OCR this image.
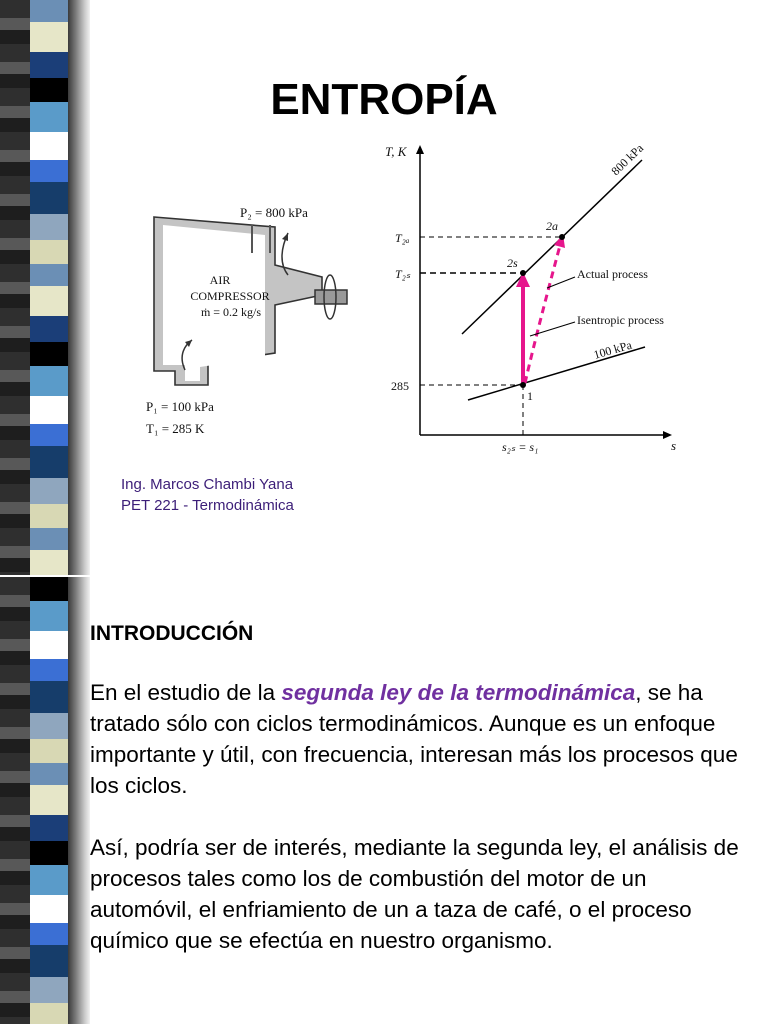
ENTROPÍA
P₂ = 800 kPa
AIR
COMPRESSOR
ṁ = 0.2 kg/s
P₁ = 100 kPa
T₁ = 285 K
T, K
s
T₂ₐ
T₂ₛ
285
s₂ₛ = s₁
800 kPa
100 kPa
2a
2s
1
Actual process
Isentropic process
Ing. Marcos Chambi Yana
PET 221 - Termodinámica
INTRODUCCIÓN

En el estudio de la segunda ley de la termodinámica, se ha tratado sólo con ciclos termodinámicos. Aunque es un enfoque importante y útil, con frecuencia, interesan más los procesos que los ciclos.

Así, podría ser de interés, mediante la segunda ley, el análisis de procesos tales como los de combustión del motor de un automóvil, el enfriamiento de un a taza de café, o el proceso químico que se efectúa en nuestro organismo.
